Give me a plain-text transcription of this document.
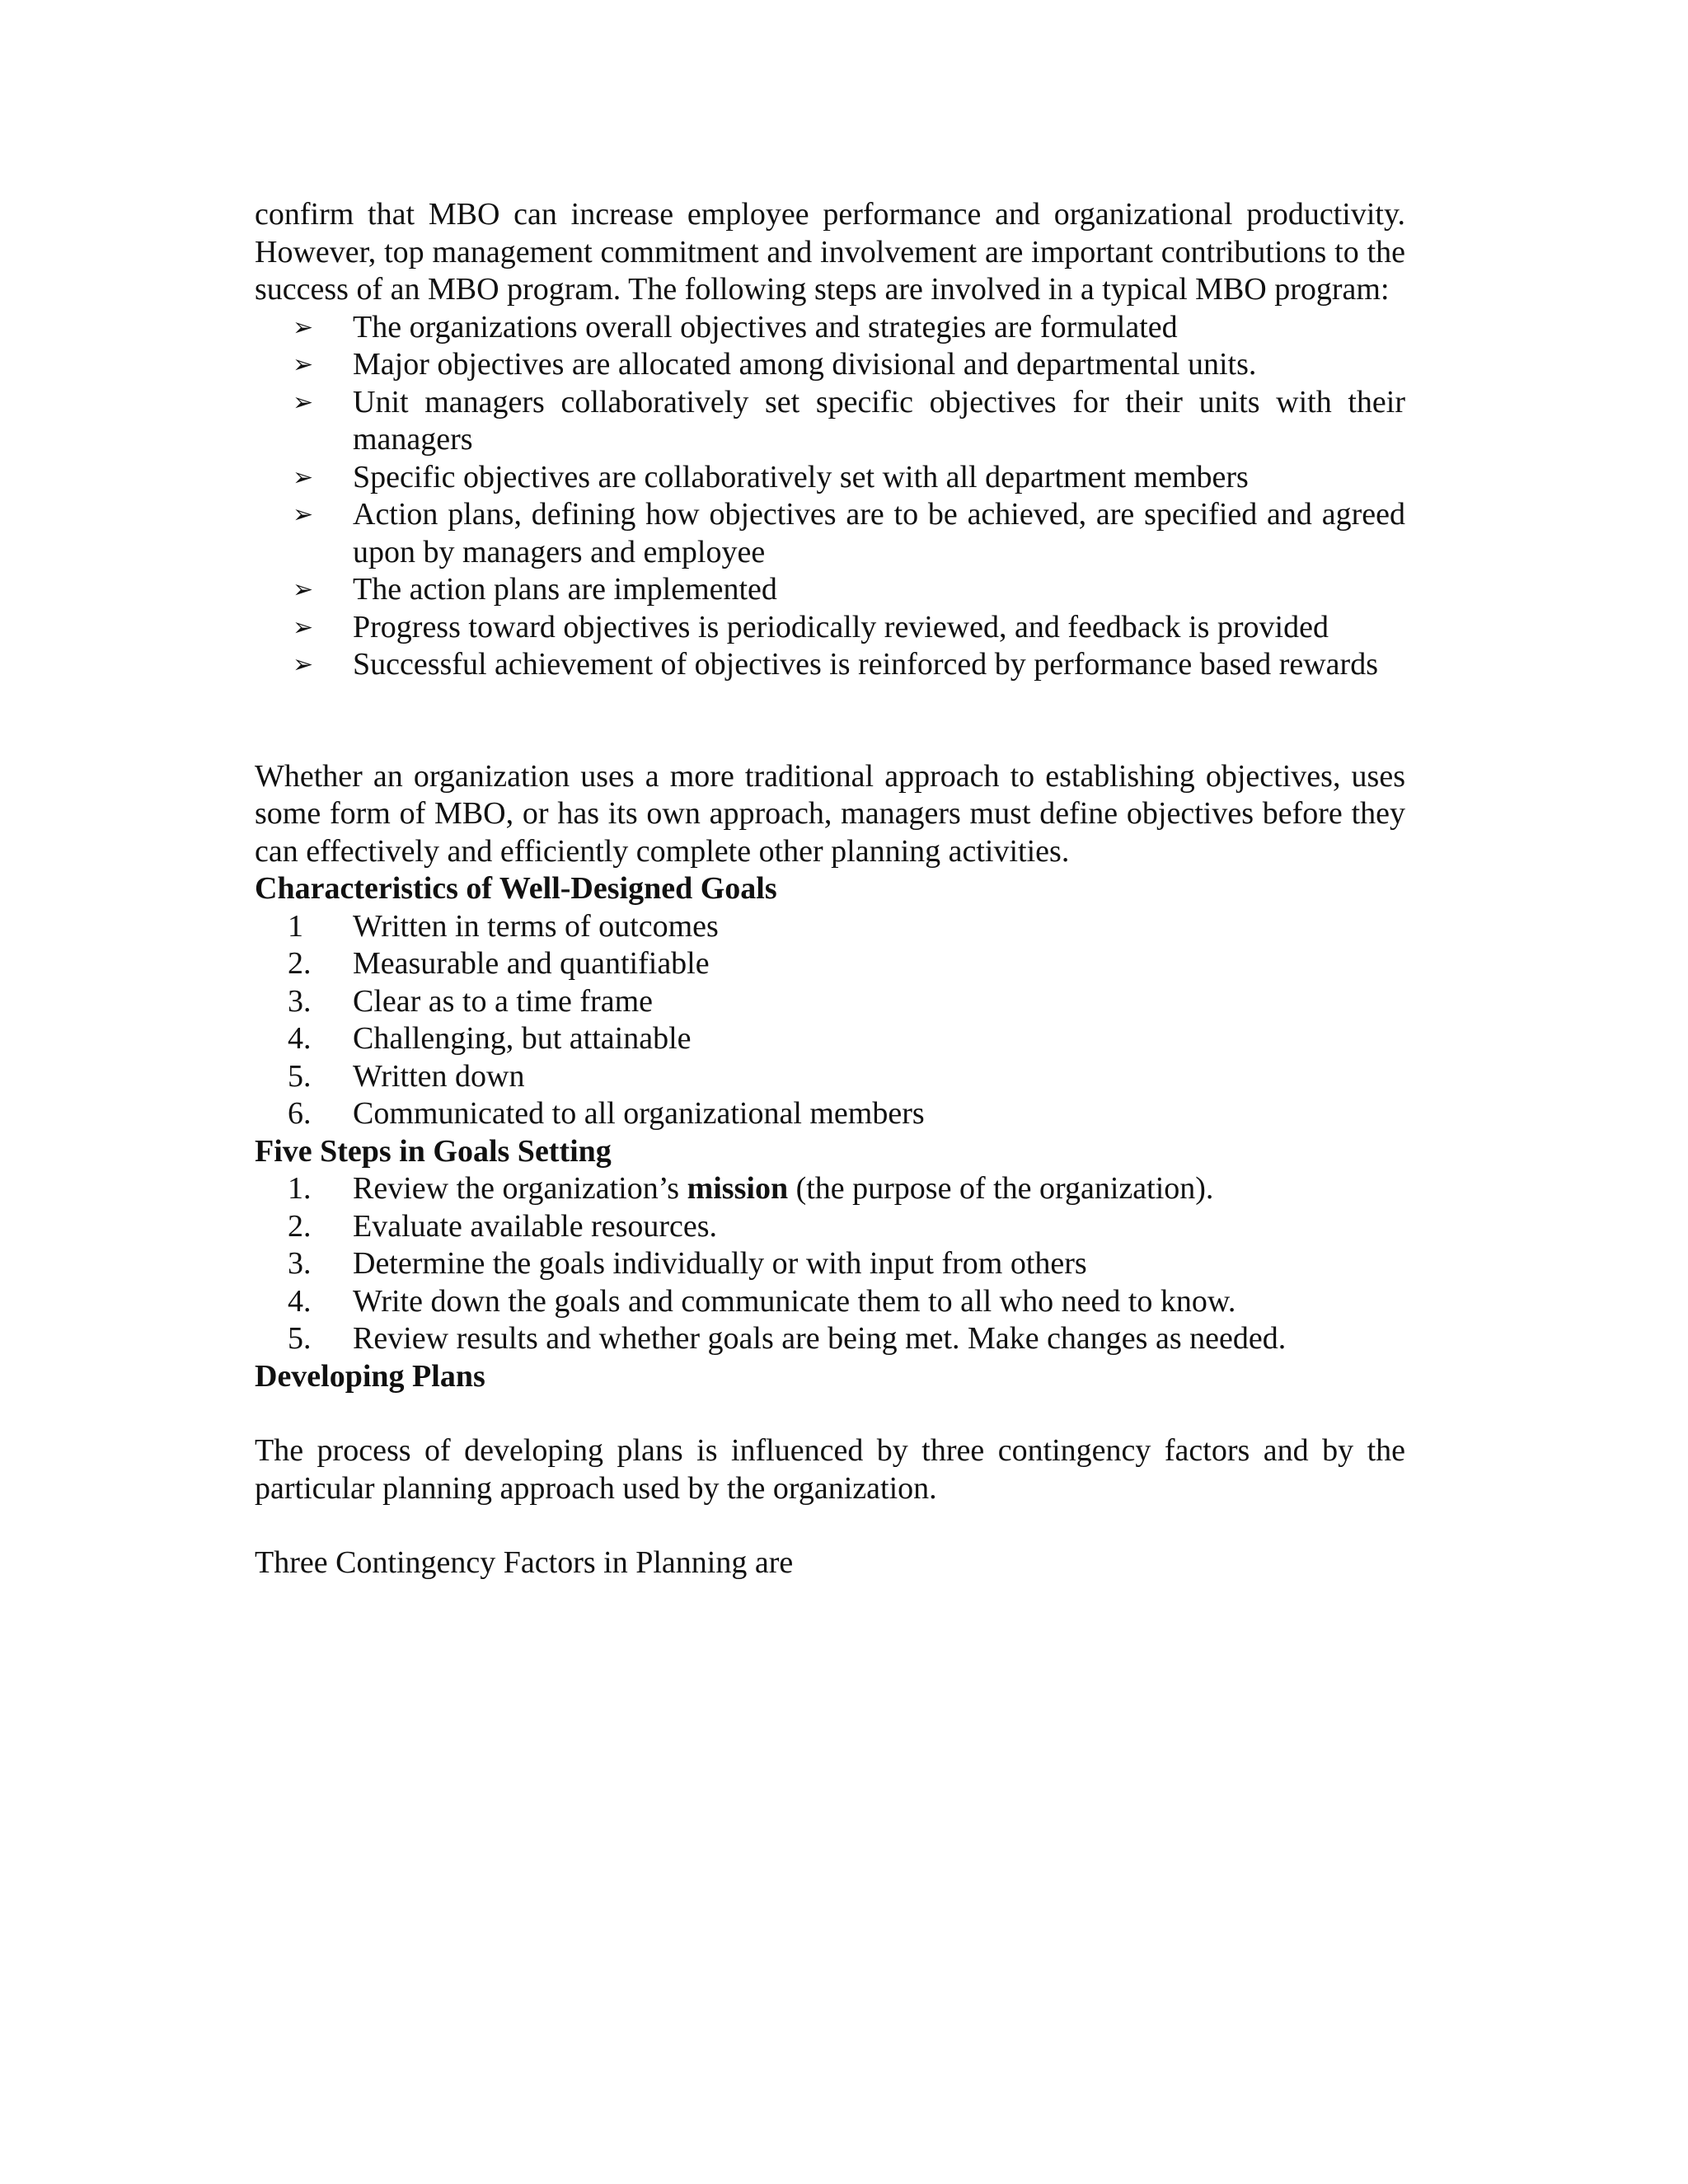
confirm that MBO can increase employee performance and organizational productivity. However, top management commitment and involvement are important contributions to the success of an MBO program. The following steps are involved in a typical MBO program:

➢	The organizations overall objectives and strategies are formulated
➢	Major objectives are allocated among divisional and departmental units.
➢	Unit managers collaboratively set specific objectives for their units with their managers
➢	Specific objectives are collaboratively set with all department members
➢	Action plans, defining how objectives are to be achieved, are specified and agreed upon by managers and employee
➢	The action plans are implemented
➢	Progress toward objectives is periodically reviewed, and feedback is provided
➢	Successful achievement of objectives is reinforced by performance based rewards

Whether an organization uses a more traditional approach to establishing objectives, uses some form of MBO, or has its own approach, managers must define objectives before they can effectively and efficiently complete other planning activities.

Characteristics of Well-Designed Goals
1	Written in terms of outcomes
2.	Measurable and quantifiable
3.	Clear as to a time frame
4.	Challenging, but attainable
5.	Written down
6.	Communicated to all organizational members
Five Steps in Goals Setting
1.	Review the organization’s mission (the purpose of the organization).
2.	Evaluate available resources.
3.	Determine the goals individually or with input from others
4.	Write down the goals and communicate them to all who need to know.
5.	Review results and whether goals are being met. Make changes as needed.
Developing Plans

The process of developing plans is influenced by three contingency factors and by the particular planning approach used by the organization.

Three Contingency Factors in Planning are
